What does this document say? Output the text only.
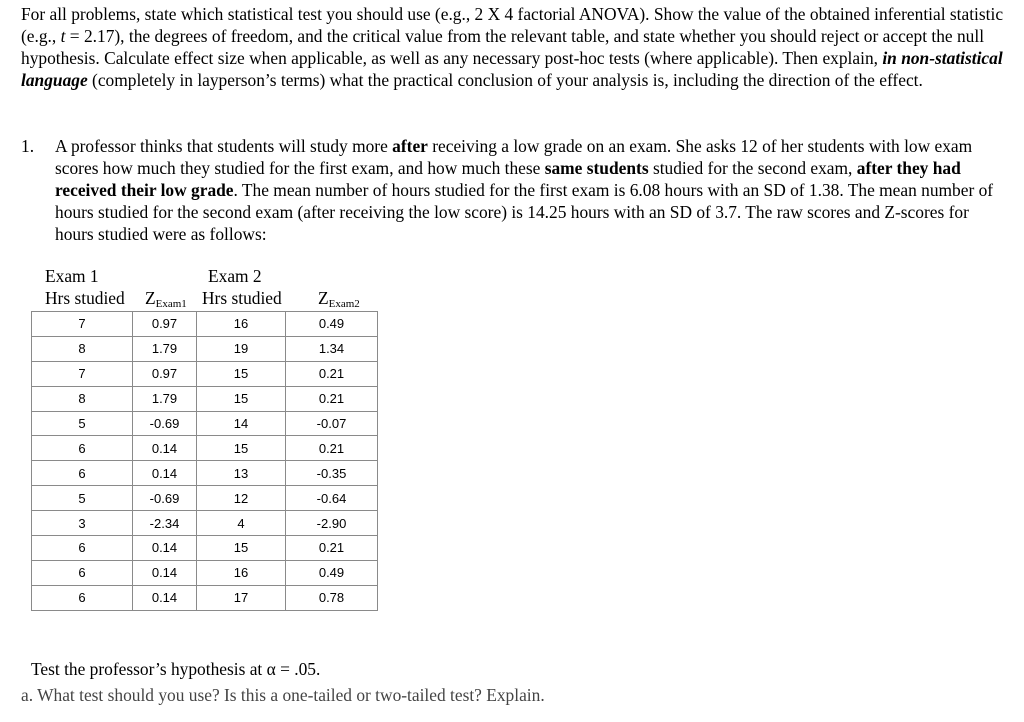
For all problems, state which statistical test you should use (e.g., 2 X 4 factorial ANOVA). Show the value of the obtained inferential statistic (e.g., t = 2.17), the degrees of freedom, and the critical value from the relevant table, and state whether you should reject or accept the null hypothesis. Calculate effect size when applicable, as well as any necessary post-hoc tests (where applicable). Then explain, in non-statistical language (completely in layperson’s terms) what the practical conclusion of your analysis is, including the direction of the effect.

1. A professor thinks that students will study more after receiving a low grade on an exam. She asks 12 of her students with low exam scores how much they studied for the first exam, and how much these same students studied for the second exam, after they had received their low grade. The mean number of hours studied for the first exam is 6.08 hours with an SD of 1.38. The mean number of hours studied for the second exam (after receiving the low score) is 14.25 hours with an SD of 3.7. The raw scores and Z-scores for hours studied were as follows:
Exam 1	Exam 2
Hrs studied $Z_{Exam1}$ Hrs studied $Z_{Exam2}$
7	0.97	16	0.49
8	1.79	19	1.34
7	0.97	15	0.21
8	1.79	15	0.21
5	-0.69	14	-0.07
6	0.14	15	0.21
6	0.14	13	-0.35
5	-0.69	12	-0.64
3	-2.34	4	-2.90
6	0.14	15	0.21
6	0.14	16	0.49
6	0.14	17	0.78
Test the professor’s hypothesis at α = .05.
a. What test should you use? Is this a one-tailed or two-tailed test? Explain.
